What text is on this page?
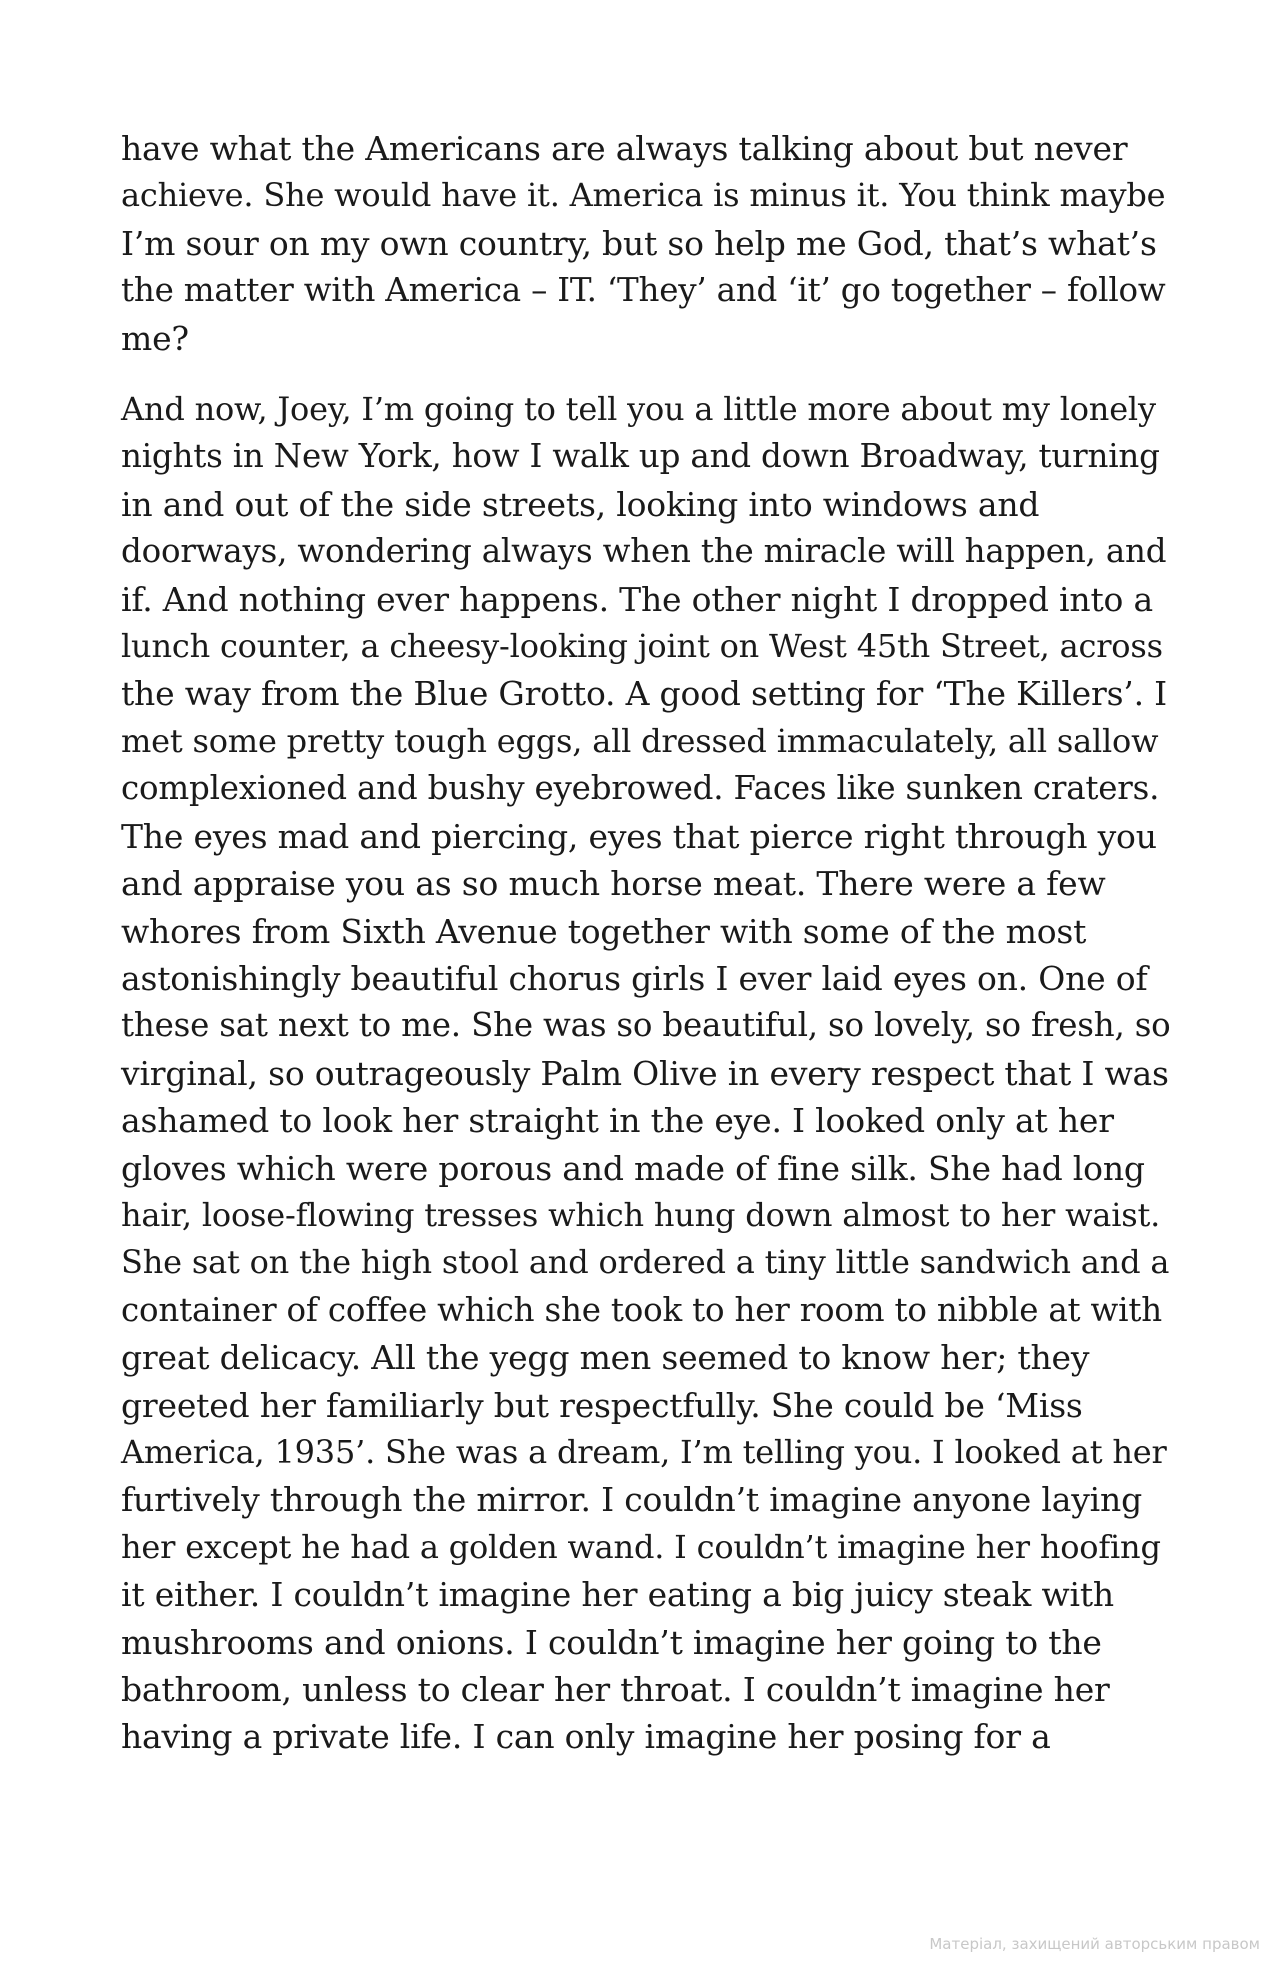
have what the Americans are always talking about but never
achieve. She would have it. America is minus it. You think maybe
I’m sour on my own country, but so help me God, that’s what’s
the matter with America – IT. ‘They’ and ‘it’ go together – follow
me?
And now, Joey, I’m going to tell you a little more about my lonely
nights in New York, how I walk up and down Broadway, turning
in and out of the side streets, looking into windows and
doorways, wondering always when the miracle will happen, and
if. And nothing ever happens. The other night I dropped into a
lunch counter, a cheesy-looking joint on West 45th Street, across
the way from the Blue Grotto. A good setting for ‘The Killers’. I
met some pretty tough eggs, all dressed immaculately, all sallow
complexioned and bushy eyebrowed. Faces like sunken craters.
The eyes mad and piercing, eyes that pierce right through you
and appraise you as so much horse meat. There were a few
whores from Sixth Avenue together with some of the most
astonishingly beautiful chorus girls I ever laid eyes on. One of
these sat next to me. She was so beautiful, so lovely, so fresh, so
virginal, so outrageously Palm Olive in every respect that I was
ashamed to look her straight in the eye. I looked only at her
gloves which were porous and made of fine silk. She had long
hair, loose-flowing tresses which hung down almost to her waist.
She sat on the high stool and ordered a tiny little sandwich and a
container of coffee which she took to her room to nibble at with
great delicacy. All the yegg men seemed to know her; they
greeted her familiarly but respectfully. She could be ‘Miss
America, 1935’. She was a dream, I’m telling you. I looked at her
furtively through the mirror. I couldn’t imagine anyone laying
her except he had a golden wand. I couldn’t imagine her hoofing
it either. I couldn’t imagine her eating a big juicy steak with
mushrooms and onions. I couldn’t imagine her going to the
bathroom, unless to clear her throat. I couldn’t imagine her
having a private life. I can only imagine her posing for a
Матеріал, захищений авторським правом
